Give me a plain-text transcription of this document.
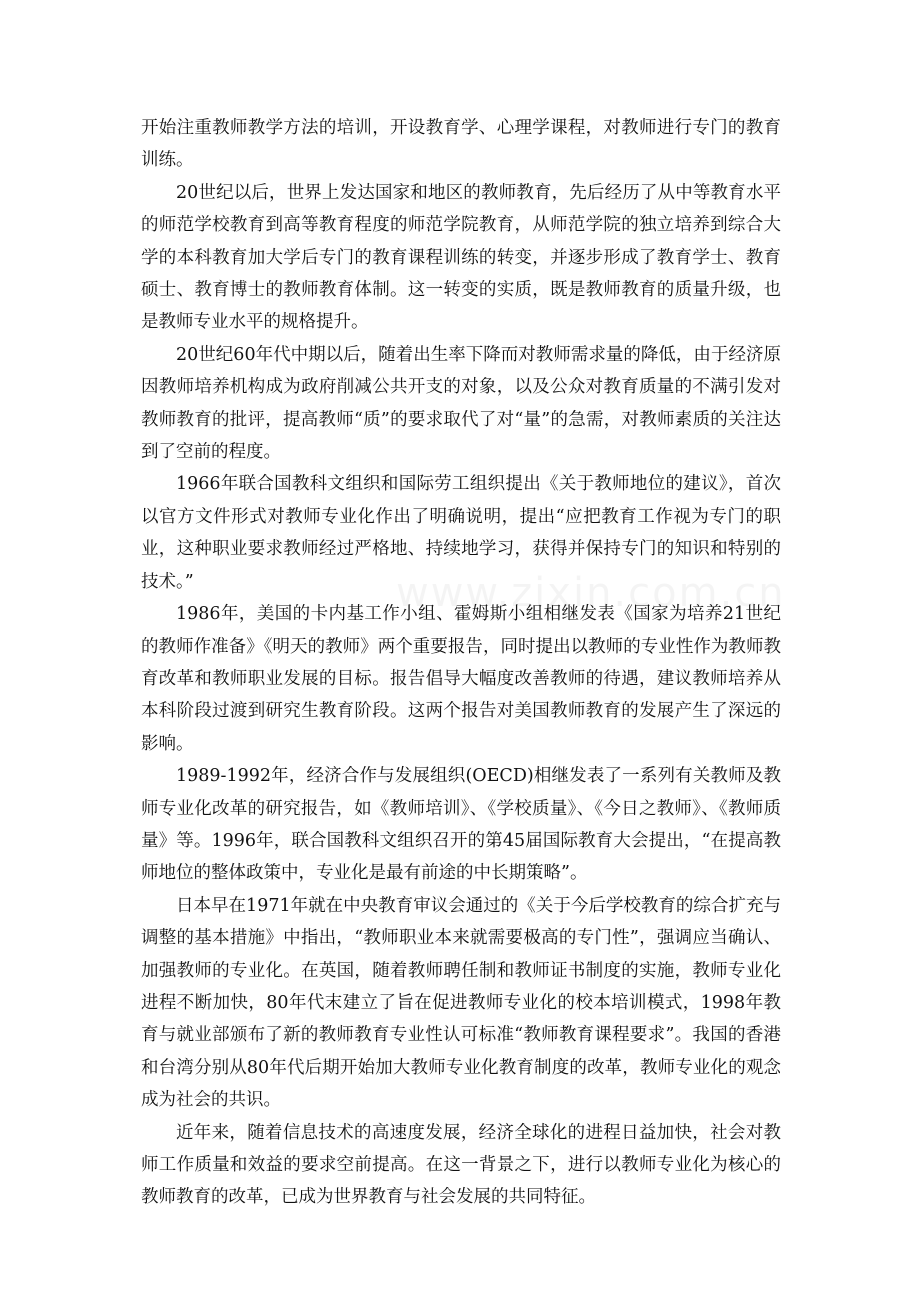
开始注重教师教学方法的培训，开设教育学、心理学课程，对教师进行专门的教育训练。

20世纪以后，世界上发达国家和地区的教师教育，先后经历了从中等教育水平的师范学校教育到高等教育程度的师范学院教育，从师范学院的独立培养到综合大学的本科教育加大学后专门的教育课程训练的转变，并逐步形成了教育学士、教育硕士、教育博士的教师教育体制。这一转变的实质，既是教师教育的质量升级，也是教师专业水平的规格提升。

20世纪60年代中期以后，随着出生率下降而对教师需求量的降低，由于经济原因教师培养机构成为政府削减公共开支的对象，以及公众对教育质量的不满引发对教师教育的批评，提高教师“质”的要求取代了对“量”的急需，对教师素质的关注达到了空前的程度。

1966年联合国教科文组织和国际劳工组织提出《关于教师地位的建议》，首次以官方文件形式对教师专业化作出了明确说明，提出“应把教育工作视为专门的职业，这种职业要求教师经过严格地、持续地学习，获得并保持专门的知识和特别的技术。”

1986年，美国的卡内基工作小组、霍姆斯小组相继发表《国家为培养21世纪的教师作准备》《明天的教师》两个重要报告，同时提出以教师的专业性作为教师教育改革和教师职业发展的目标。报告倡导大幅度改善教师的待遇，建议教师培养从本科阶段过渡到研究生教育阶段。这两个报告对美国教师教育的发展产生了深远的影响。

1989-1992年，经济合作与发展组织(OECD)相继发表了一系列有关教师及教师专业化改革的研究报告，如《教师培训》、《学校质量》、《今日之教师》、《教师质量》等。1996年，联合国教科文组织召开的第45届国际教育大会提出，“在提高教师地位的整体政策中，专业化是最有前途的中长期策略”。

日本早在1971年就在中央教育审议会通过的《关于今后学校教育的综合扩充与调整的基本措施》中指出，“教师职业本来就需要极高的专门性”，强调应当确认、加强教师的专业化。在英国，随着教师聘任制和教师证书制度的实施，教师专业化进程不断加快，80年代末建立了旨在促进教师专业化的校本培训模式，1998年教育与就业部颁布了新的教师教育专业性认可标准“教师教育课程要求”。我国的香港和台湾分别从80年代后期开始加大教师专业化教育制度的改革，教师专业化的观念成为社会的共识。

近年来，随着信息技术的高速度发展，经济全球化的进程日益加快，社会对教师工作质量和效益的要求空前提高。在这一背景之下，进行以教师专业化为核心的教师教育的改革，已成为世界教育与社会发展的共同特征。
